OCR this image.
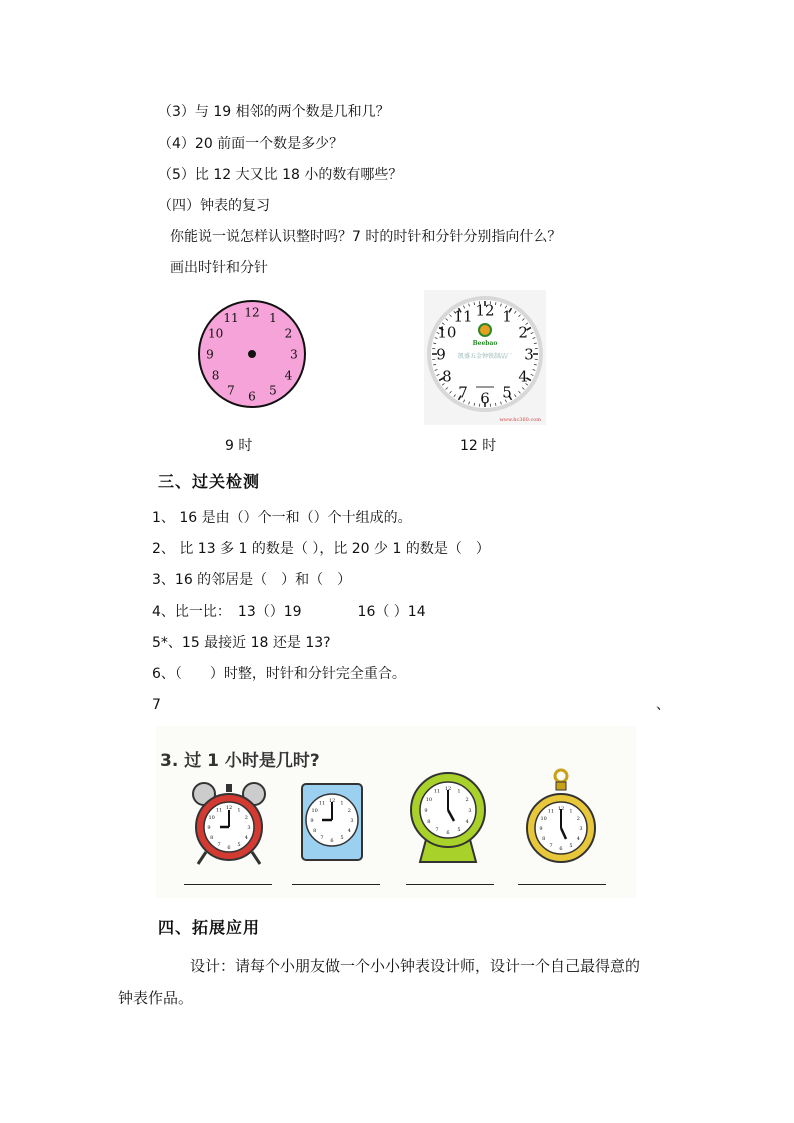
（3）与 19 相邻的两个数是几和几？
（4）20 前面一个数是多少？
（5）比 12 大又比 18 小的数有哪些？
（四）钟表的复习
你能说一说怎样认识整时吗？7 时的时针和分针分别指向什么？
画出时针和分针
12 1
2
3
4
5
6
7
8
9
10
11
9 时
12 1
2
3
4
5
6
7
8
9
10
11
Beebao
凯盛五金钟铁制品厂
www.hc360.com
12 时
三、过关检测
1、 16 是由（）个一和（）个十组成的。
2、 比 13 多 1 的数是（ ），比 20 少 1 的数是（　）
3、16 的邻居是（　）和（　）
4、比一比：　13（）19　　　　16（ ）14
5*、15 最接近 18 还是 13?
6、（　　）时整，时针和分针完全重合。
7	、
3. 过 1 小时是几时?
12 1
2
3
4
5
6
7
8
9
10
11
12 1
2
3
4
5
6
7
8
9
10
11
12 1
2
3
4
5
6
7
8
9
10
11
12 1
2
3
4
5
6
7
8
9
10
11
四、拓展应用
设计：请每个小朋友做一个小小钟表设计师，设计一个自己最得意的
钟表作品。
